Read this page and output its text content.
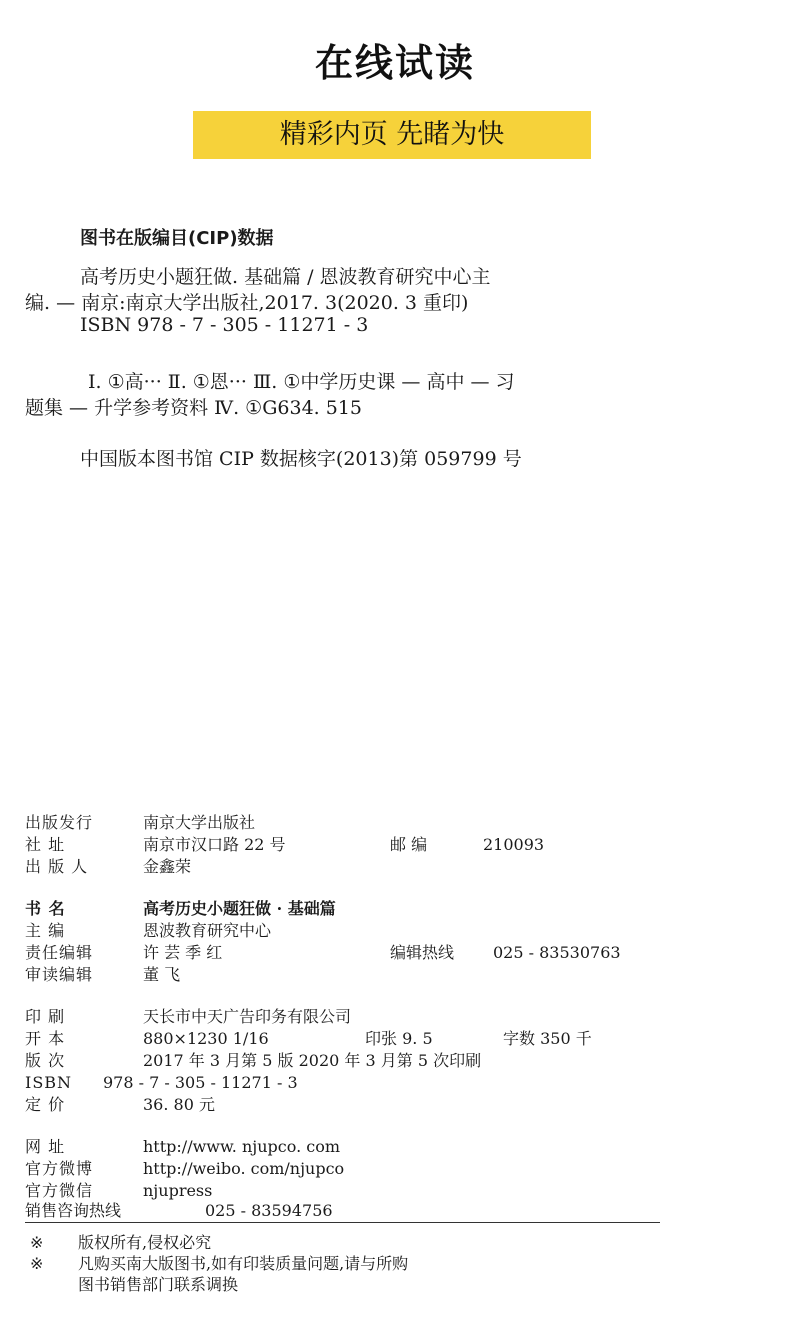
在线试读
精彩内页 先睹为快
图书在版编目(CIP)数据
高考历史小题狂做. 基础篇 / 恩波教育研究中心主
编. — 南京:南京大学出版社,2017. 3(2020. 3 重印)
ISBN 978 - 7 - 305 - 11271 - 3
Ⅰ. ①高··· Ⅱ. ①恩··· Ⅲ. ①中学历史课 — 高中 — 习
题集 — 升学参考资料 Ⅳ. ①G634. 515
中国版本图书馆 CIP 数据核字(2013)第 059799 号
出版发行	南京大学出版社
社 址	南京市汉口路 22 号	邮 编	210093
出 版 人	金鑫荣
书 名	高考历史小题狂做 · 基础篇
主 编	恩波教育研究中心
责任编辑	许 芸 季 红	编辑热线 025 - 83530763
审读编辑	董 飞
印 刷	天长市中天广告印务有限公司
开 本	880×1230 1/16	印张 9. 5	字数 350 千
版 次	2017 年 3 月第 5 版 2020 年 3 月第 5 次印刷
ISBN 978 - 7 - 305 - 11271 - 3
定 价	36. 80 元
网 址	http://www. njupco. com
官方微博	http://weibo. com/njupco
官方微信	njupress
销售咨询热线	025 - 83594756
※ 版权所有,侵权必究
※ 凡购买南大版图书,如有印装质量问题,请与所购
图书销售部门联系调换
